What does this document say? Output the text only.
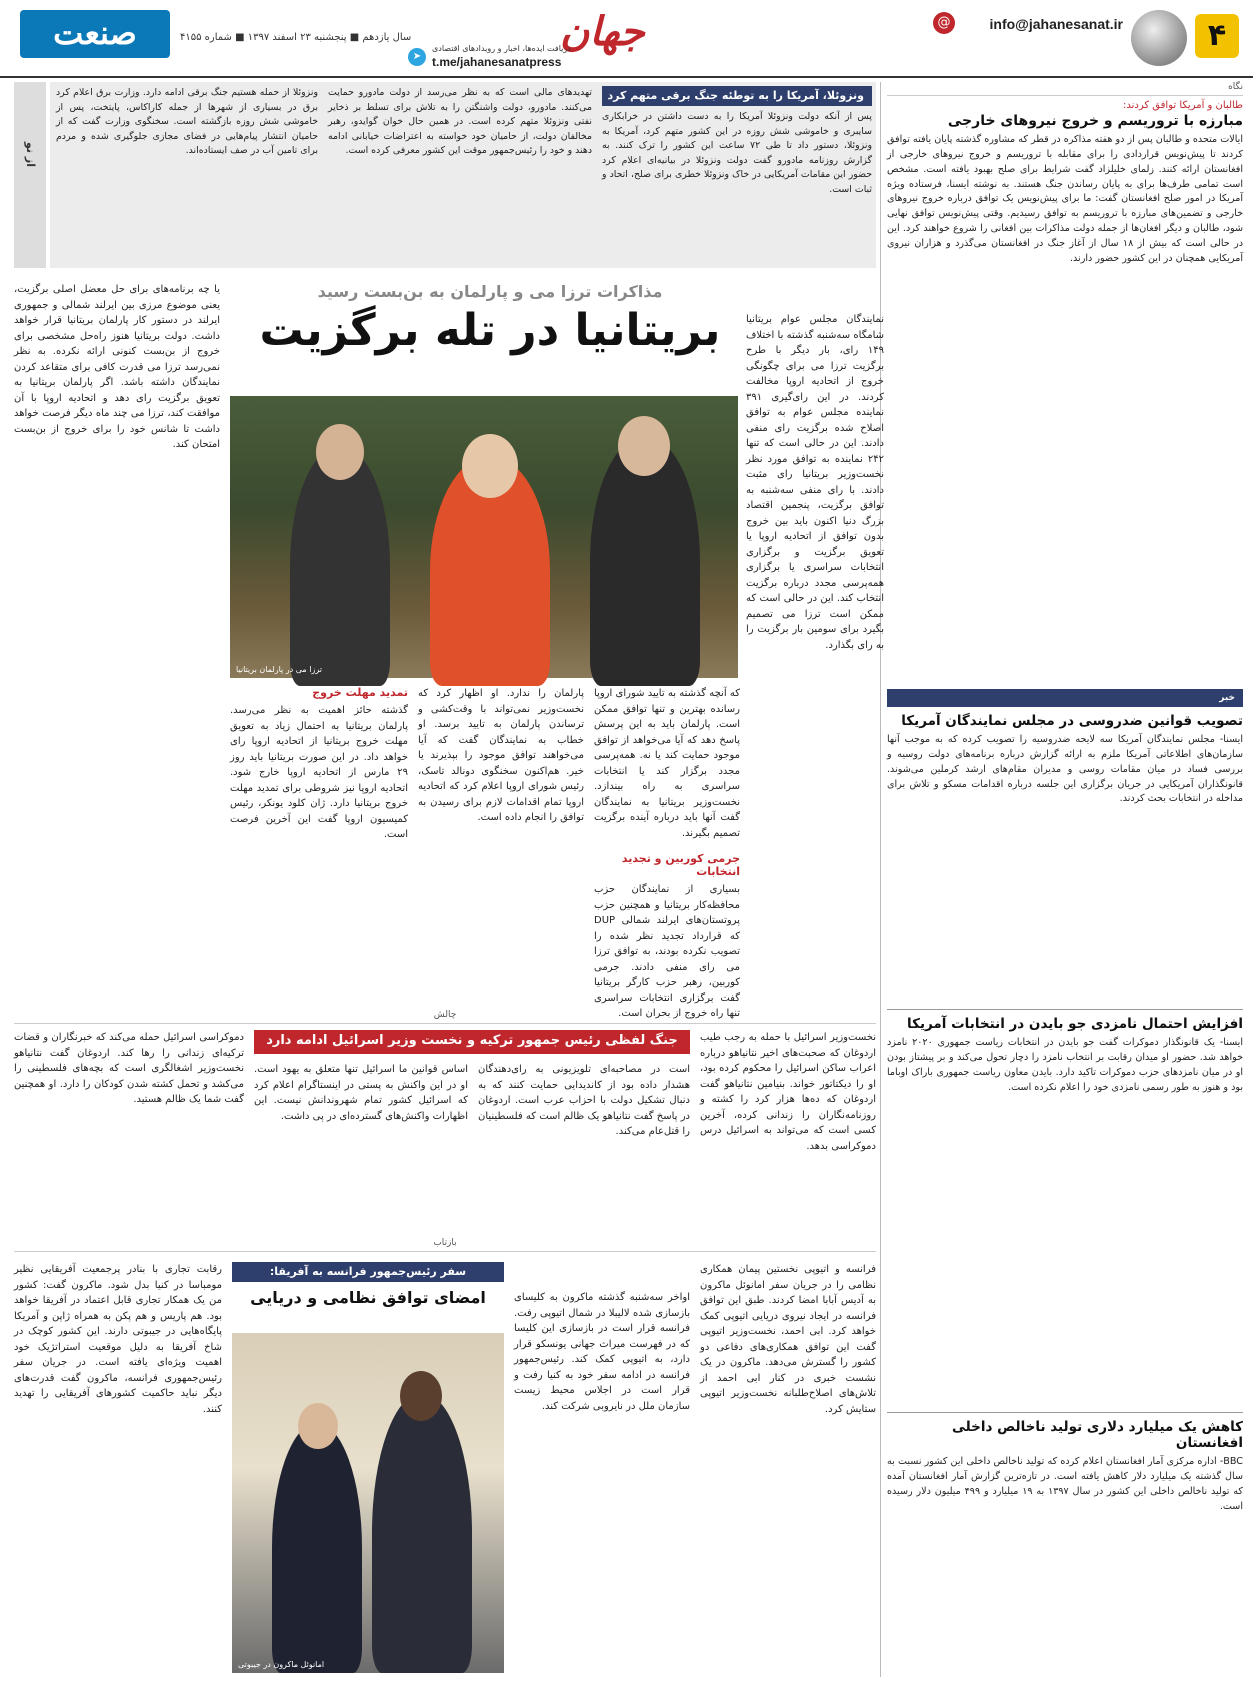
۴
@	info@jahanesanat.ir
جهان
➤
دریافت ایده‌ها، اخبار و رویدادهای اقتصادی
t.me/jahanesanatpress
سال یازدهم ■ پنجشنبه ۲۳ اسفند ۱۳۹۷ ■ شماره ۴۱۵۵
صنعت
نگاه
طالبان و آمریکا توافق کردند:
مبارزه با تروریسم و خروج نیروهای خارجی
ایالات متحده و طالبان پس از دو هفته مذاکره در قطر که مشاوره گذشته پایان یافته توافق کردند تا پیش‌نویس قراردادی را برای مقابله با تروریسم و خروج نیروهای خارجی از افغانستان ارائه کنند. زلمای خلیلزاد گفت شرایط برای صلح بهبود یافته است. مشخص است تمامی طرف‌ها برای به پایان رساندن جنگ هستند. به نوشته ایسنا، فرستاده ویژه آمریکا در امور صلح افغانستان گفت: ما برای پیش‌نویس یک توافق درباره خروج نیروهای خارجی و تضمین‌های مبارزه با تروریسم به توافق رسیدیم. وقتی پیش‌نویس توافق نهایی شود، طالبان و دیگر افغان‌ها از جمله دولت مذاکرات بین افغانی را شروع خواهند کرد. این در حالی است که بیش از ۱۸ سال از آغاز جنگ در افغانستان می‌گذرد و هزاران نیروی آمریکایی همچنان در این کشور حضور دارند.
خبر
تصویب قوانین ضدروسی در مجلس نمایندگان آمریکا
ایسنا- مجلس نمایندگان آمریکا سه لایحه ضدروسیه را تصویب کرده که به موجب آنها سازمان‌های اطلاعاتی آمریکا ملزم به ارائه گزارش درباره برنامه‌های دولت روسیه و بررسی فساد در میان مقامات روسی و مدیران مقام‌های ارشد کرملین می‌شوند. قانونگذاران آمریکایی در جریان برگزاری این جلسه درباره اقدامات مسکو و تلاش برای مداخله در انتخابات بحث کردند.
افزایش احتمال نامزدی جو بایدن در انتخابات آمریکا
ایسنا- یک قانونگذار دموکرات گفت جو بایدن در انتخابات ریاست جمهوری ۲۰۲۰ نامزد خواهد شد. حضور او میدان رقابت بر انتخاب نامزد را دچار تحول می‌کند و بر پیشتاز بودن او در میان نامزدهای حزب دموکرات تاکید دارد. بایدن معاون ریاست جمهوری باراک اوباما بود و هنوز به طور رسمی نامزدی خود را اعلام نکرده است.
کاهش یک میلیارد دلاری تولید ناخالص داخلی افغانستان
BBC- اداره مرکزی آمار افغانستان اعلام کرده که تولید ناخالص داخلی این کشور نسبت به سال گذشته یک میلیارد دلار کاهش یافته است. در تازه‌ترین گزارش آمار افغانستان آمده که تولید ناخالص داخلی این کشور در سال ۱۳۹۷ به ۱۹ میلیارد و ۴۹۹ میلیون دلار رسیده است.
ونزوئلا، آمریکا را به توطئه جنگ برقی متهم کرد
پس از آنکه دولت ونزوئلا آمریکا را به دست داشتن در خرابکاری سایبری و خاموشی شش روزه در این کشور متهم کرد، آمریکا به ونزوئلا، دستور داد تا طی ۷۲ ساعت این کشور را ترک کنند. به گزارش روزنامه مادورو گفت دولت ونزوئلا در بیانیه‌ای اعلام کرد حضور این مقامات آمریکایی در خاک ونزوئلا خطری برای صلح، اتحاد و ثبات است.
تهدیدهای مالی است که به نظر می‌رسد از دولت مادورو حمایت می‌کنند. مادورو، دولت واشنگتن را به تلاش برای تسلط بر ذخایر نفتی ونزوئلا متهم کرده است. در همین حال خوان گوایدو، رهبر مخالفان دولت، از حامیان خود خواسته به اعتراضات خیابانی ادامه دهند و خود را رئیس‌جمهور موقت این کشور معرفی کرده است.
ونزوئلا از حمله هستیم جنگ برقی ادامه دارد. وزارت برق اعلام کرد برق در بسیاری از شهرها از جمله کاراکاس، پایتخت، پس از خاموشی شش روزه بازگشته است. سخنگوی وزارت گفت که از حامیان انتشار پیام‌هایی در فضای مجازی جلوگیری شده و مردم برای تامین آب در صف ایستاده‌اند.
از نو
مذاکرات ترزا می و پارلمان به بن‌بست رسید
بریتانیا در تله برگزیت
ترزا می در پارلمان بریتانیا
نمایندگان مجلس عوام بریتانیا شامگاه سه‌شنبه گذشته با اختلاف ۱۴۹ رای، بار دیگر با طرح برگزیت ترزا می برای چگونگی خروج از اتحادیه اروپا مخالفت کردند. در این رای‌گیری ۳۹۱ نماینده مجلس عوام به توافق اصلاح شده برگزیت رای منفی دادند. این در حالی است که تنها ۲۴۲ نماینده به توافق مورد نظر نخست‌وزیر بریتانیا رای مثبت دادند. با رای منفی سه‌شنبه به توافق برگزیت، پنجمین اقتصاد بزرگ دنیا اکنون باید بین خروج بدون توافق از اتحادیه اروپا یا تعویق برگزیت و برگزاری انتخابات سراسری یا برگزاری همه‌پرسی مجدد درباره برگزیت انتخاب کند. این در حالی است که ممکن است ترزا می تصمیم بگیرد برای سومین بار برگزیت را به رای بگذارد.
که آنچه گذشته به تایید شورای اروپا رسانده بهترین و تنها توافق ممکن است. پارلمان باید به این پرسش پاسخ دهد که آیا می‌خواهد از توافق موجود حمایت کند یا نه. همه‌پرسی مجدد برگزار کند یا انتخابات سراسری به راه بیندازد. نخست‌وزیر بریتانیا به نمایندگان گفت آنها باید درباره آینده برگزیت تصمیم بگیرند.
جرمی کوربین و تجدید انتخابات
بسیاری از نمایندگان حزب محافظه‌کار بریتانیا و همچنین حزب پروتستان‌های ایرلند شمالی DUP که قرارداد تجدید نظر شده را تصویب نکرده بودند، به توافق ترزا می رای منفی دادند. جرمی کوربین، رهبر حزب کارگر بریتانیا گفت برگزاری انتخابات سراسری تنها راه خروج از بحران است.
پارلمان را ندارد. او اظهار کرد که نخست‌وزیر نمی‌تواند با وقت‌کشی و ترساندن پارلمان به تایید برسد. او خطاب به نمایندگان گفت که آیا می‌خواهند توافق موجود را بپذیرند یا خیر. هم‌اکنون سخنگوی دونالد تاسک، رئیس شورای اروپا اعلام کرد که اتحادیه اروپا تمام اقدامات لازم برای رسیدن به توافق را انجام داده است.
تمدید مهلت خروج
گذشته حائز اهمیت به نظر می‌رسد. پارلمان بریتانیا به احتمال زیاد به تعویق مهلت خروج بریتانیا از اتحادیه اروپا رای خواهد داد. در این صورت بریتانیا باید روز ۲۹ مارس از اتحادیه اروپا خارج شود. اتحادیه اروپا نیز شروطی برای تمدید مهلت خروج بریتانیا دارد. ژان کلود یونکر، رئیس کمیسیون اروپا گفت این آخرین فرصت است.
یا چه برنامه‌های برای حل معضل اصلی برگزیت، یعنی موضوع مرزی بین ایرلند شمالی و جمهوری ایرلند در دستور کار پارلمان بریتانیا قرار خواهد داشت. دولت بریتانیا هنوز راه‌حل مشخصی برای خروج از بن‌بست کنونی ارائه نکرده. به نظر نمی‌رسد ترزا می قدرت کافی برای متقاعد کردن نمایندگان داشته باشد. اگر پارلمان بریتانیا به تعویق برگزیت رای دهد و اتحادیه اروپا با آن موافقت کند، ترزا می چند ماه دیگر فرصت خواهد داشت تا شانس خود را برای خروج از بن‌بست امتحان کند.
چالش
جنگ لفظی رئیس جمهور ترکیه و نخست وزیر اسرائیل ادامه دارد	نخست‌وزیر اسرائیل با حمله به رجب طیب اردوغان که صحبت‌های اخیر نتانیاهو درباره اعراب ساکن اسرائیل را محکوم کرده بود، او را دیکتاتور خواند. بنیامین نتانیاهو گفت اردوغان که ده‌ها هزار کرد را کشته و روزنامه‌نگاران را زندانی کرده، آخرین کسی است که می‌تواند به اسرائیل درس دموکراسی بدهد.
است در مصاحبه‌ای تلویزیونی به رای‌دهندگان هشدار داده بود از کاندیدایی حمایت کنند که به دنبال تشکیل دولت با احزاب عرب است. اردوغان در پاسخ گفت نتانیاهو یک ظالم است که فلسطینیان را قتل‌عام می‌کند.
اساس قوانین ما اسرائیل تنها متعلق به یهود است. او در این واکنش به پستی در اینستاگرام اعلام کرد که اسرائیل کشور تمام شهروندانش نیست. این اظهارات واکنش‌های گسترده‌ای در پی داشت.
دموکراسی اسرائیل حمله می‌کند که خبرنگاران و قضات ترکیه‌ای زندانی را رها کند. اردوغان گفت نتانیاهو نخست‌وزیر اشغالگری است که بچه‌های فلسطینی را می‌کشد و تحمل کشته شدن کودکان را دارد. او همچنین گفت شما یک ظالم هستید.
بازتاب
سفر رئیس‌جمهور فرانسه به آفریقا:
امضای توافق نظامی و دریایی
امانوئل ماکرون در جیبوتی
فرانسه و اتیوپی نخستین پیمان همکاری نظامی را در جریان سفر امانوئل ماکرون به آدیس آبابا امضا کردند. طبق این توافق فرانسه در ایجاد نیروی دریایی اتیوپی کمک خواهد کرد. ابی احمد، نخست‌وزیر اتیوپی گفت این توافق همکاری‌های دفاعی دو کشور را گسترش می‌دهد. ماکرون در یک نشست خبری در کنار ابی احمد از تلاش‌های اصلاح‌طلبانه نخست‌وزیر اتیوپی ستایش کرد.
اواخر سه‌شنبه گذشته ماکرون به کلیسای بازسازی شده لالیبلا در شمال اتیوپی رفت. فرانسه قرار است در بازسازی این کلیسا که در فهرست میراث جهانی یونسکو قرار دارد، به اتیوپی کمک کند. رئیس‌جمهور فرانسه در ادامه سفر خود به کنیا رفت و قرار است در اجلاس محیط زیست سازمان ملل در نایروبی شرکت کند.
رقابت تجاری با بنادر پرجمعیت آفریقایی نظیر مومباسا در کنیا بدل شود. ماکرون گفت: کشور من یک همکار تجاری قابل اعتماد در آفریقا خواهد بود. هم پاریس و هم پکن به همراه ژاپن و آمریکا پایگاه‌هایی در جیبوتی دارند. این کشور کوچک در شاخ آفریقا به دلیل موقعیت استراتژیک خود اهمیت ویژه‌ای یافته است. در جریان سفر رئیس‌جمهوری فرانسه، ماکرون گفت قدرت‌های دیگر نباید حاکمیت کشورهای آفریقایی را تهدید کنند.
